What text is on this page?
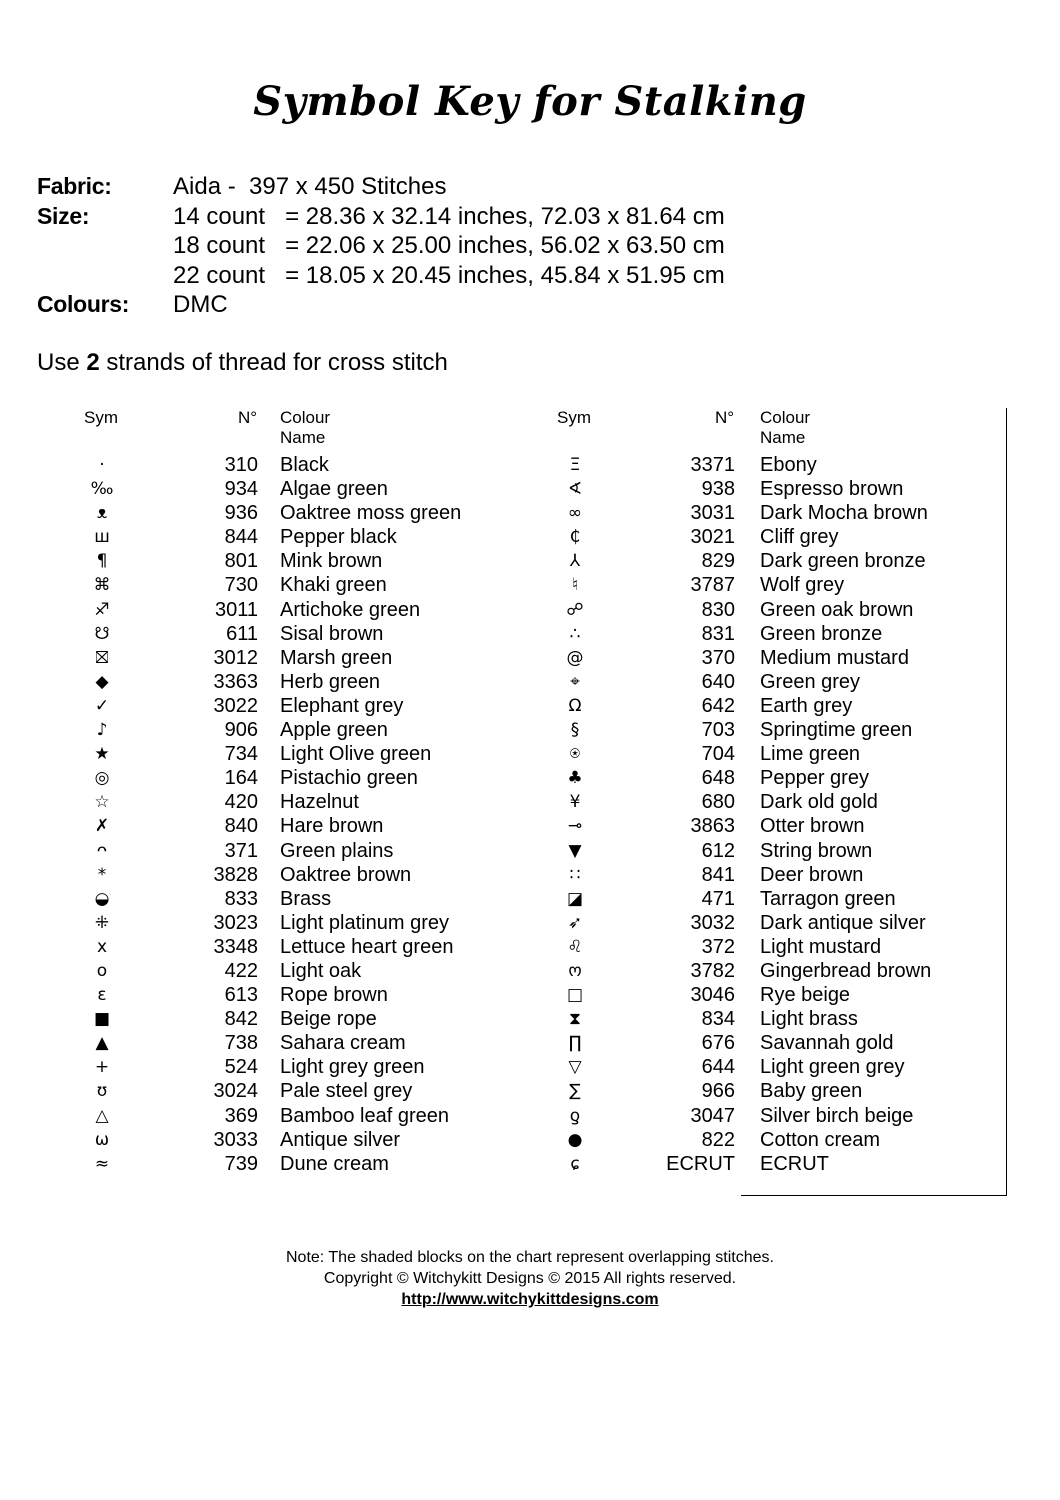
Symbol Key for Stalking
Fabric:	Aida -  397 x 450 Stitches
Size:	14 count   = 28.36 x 32.14 inches, 72.03 x 81.64 cm
18 count   = 22.06 x 25.00 inches, 56.02 x 63.50 cm
22 count   = 18.05 x 20.45 inches, 45.84 x 51.95 cm
Colours:	DMC
Use 2 strands of thread for cross stitch
Sym	N° Colour Name
·	310 Black
‰	934 Algae green
ᴥ	936 Oaktree moss green
ш	844 Pepper black
¶	801 Mink brown
⌘	730 Khaki green
♐	3011 Artichoke green
☋	611 Sisal brown
⛝	3012 Marsh green
◆	3363 Herb green
✓	3022 Elephant grey
♪	906 Apple green
★	734 Light Olive green
◎	164 Pistachio green
☆	420 Hazelnut
✗	840 Hare brown
ᴖ	371 Green plains
*	3828 Oaktree brown
◒	833 Brass
⁜	3023 Light platinum grey
x	3348 Lettuce heart green
o	422 Light oak
ɛ	613 Rope brown
■	842 Beige rope
▲	738 Sahara cream
+	524 Light grey green
ʊ	3024 Pale steel grey
△	369 Bamboo leaf green
ω	3033 Antique silver
≈	739 Dune cream
Sym	N° Colour Name
Ξ	3371 Ebony
∢	938 Espresso brown
∞	3031 Dark Mocha brown
₵	3021 Cliff grey
⅄	829 Dark green bronze
♮	3787 Wolf grey
☍	830 Green oak brown
∴	831 Green bronze
@	370 Medium mustard
⌖	640 Green grey
Ω	642 Earth grey
§	703 Springtime green
⍟	704 Lime green
♣	648 Pepper grey
¥	680 Dark old gold
⊸	3863 Otter brown
▼	612 String brown
∷	841 Deer brown
◪	471 Tarragon green
➶	3032 Dark antique silver
♌	372 Light mustard
ო	3782 Gingerbread brown
□	3046 Rye beige
⧗	834 Light brass
∏	676 Savannah gold
▽	644 Light green grey
∑	966 Baby green
ƍ	3047 Silver birch beige
●	822 Cotton cream
ɕ	ECRUT ECRUT
Note: The shaded blocks on the chart represent overlapping stitches.
Copyright © Witchykitt Designs © 2015 All rights reserved.
http://www.witchykittdesigns.com
